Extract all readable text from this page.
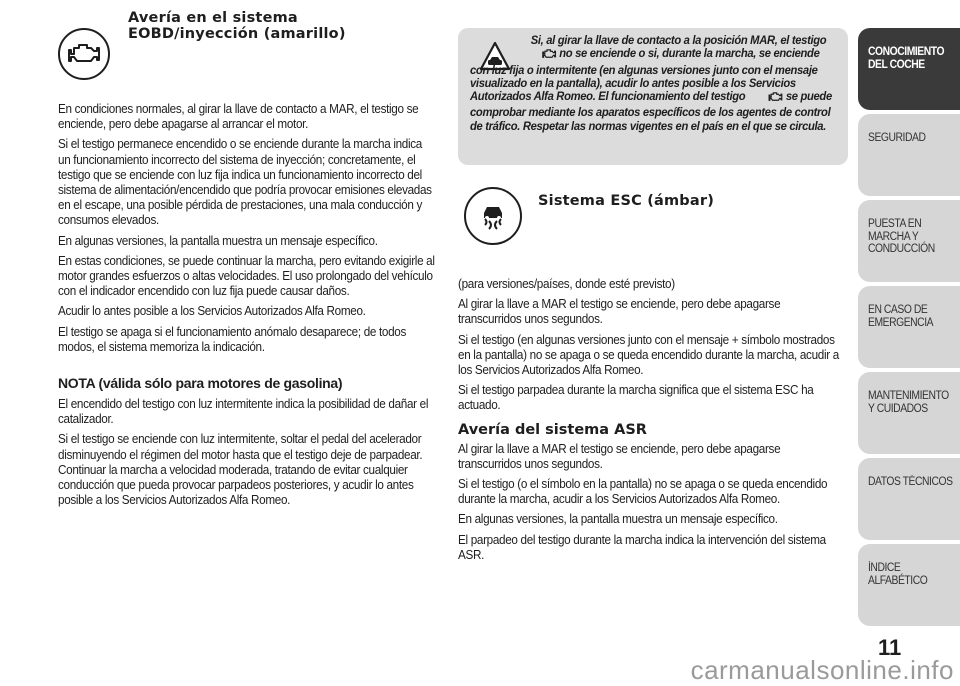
Avería en el sistema
EOBD/inyección (amarillo)

En condiciones normales, al girar la llave de contacto a MAR, el testigo se enciende, pero debe apagarse al arrancar el motor.

Si el testigo permanece encendido o se enciende durante la marcha indica un funcionamiento incorrecto del sistema de inyección; concretamente, el testigo que se enciende con luz fija indica un funcionamiento incorrecto del sistema de alimentación/encendido que podría provocar emisiones elevadas en el escape, una posible pérdida de prestaciones, una mala conducción y consumos elevados.

En algunas versiones, la pantalla muestra un mensaje específico.

En estas condiciones, se puede continuar la marcha, pero evitando exigirle al motor grandes esfuerzos o altas velocidades. El uso prolongado del vehículo con el indicador encendido con luz fija puede causar daños.

Acudir lo antes posible a los Servicios Autorizados Alfa Romeo.

El testigo se apaga si el funcionamiento anómalo desaparece; de todos modos, el sistema memoriza la indicación.

NOTA (válida sólo para motores de gasolina)

El encendido del testigo con luz intermitente indica la posibilidad de dañar el catalizador.

Si el testigo se enciende con luz intermitente, soltar el pedal del acelerador disminuyendo el régimen del motor hasta que el testigo deje de parpadear. Continuar la marcha a velocidad moderada, tratando de evitar cualquier conducción que pueda provocar parpadeos posteriores, y acudir lo antes posible a los Servicios Autorizados Alfa Romeo.

Si, al girar la llave de contacto a la posición MAR, el testigo
no se enciende o si, durante la marcha, se enciende con luz fija o intermitente (en algunas versiones junto con el mensaje visualizado en la pantalla), acudir lo antes posible a los Servicios Autorizados Alfa Romeo. El funcionamiento del testigo	se puede comprobar mediante los aparatos específicos de los agentes de control de tráfico. Respetar las normas vigentes en el país en el que se circula.
Sistema ESC (ámbar)

(para versiones/países, donde esté previsto)

Al girar la llave a MAR el testigo se enciende, pero debe apagarse transcurridos unos segundos.

Si el testigo (en algunas versiones junto con el mensaje + símbolo mostrados en la pantalla) no se apaga o se queda encendido durante la marcha, acudir a los Servicios Autorizados Alfa Romeo.

Si el testigo parpadea durante la marcha significa que el sistema ESC ha actuado.

Avería del sistema ASR

Al girar la llave a MAR el testigo se enciende, pero debe apagarse transcurridos unos segundos.

Si el testigo (o el símbolo en la pantalla) no se apaga o se queda encendido durante la marcha, acudir a los Servicios Autorizados Alfa Romeo.

En algunas versiones, la pantalla muestra un mensaje específico.

El parpadeo del testigo durante la marcha indica la intervención del sistema ASR.

CONOCIMIENTO DEL COCHE
SEGURIDAD
PUESTA EN MARCHA Y CONDUCCIÓN
EN CASO DE EMERGENCIA
MANTENIMIENTO Y CUIDADOS
DATOS TÉCNICOS
ÍNDICE ALFABÉTICO
11
carmanualsonline.info
